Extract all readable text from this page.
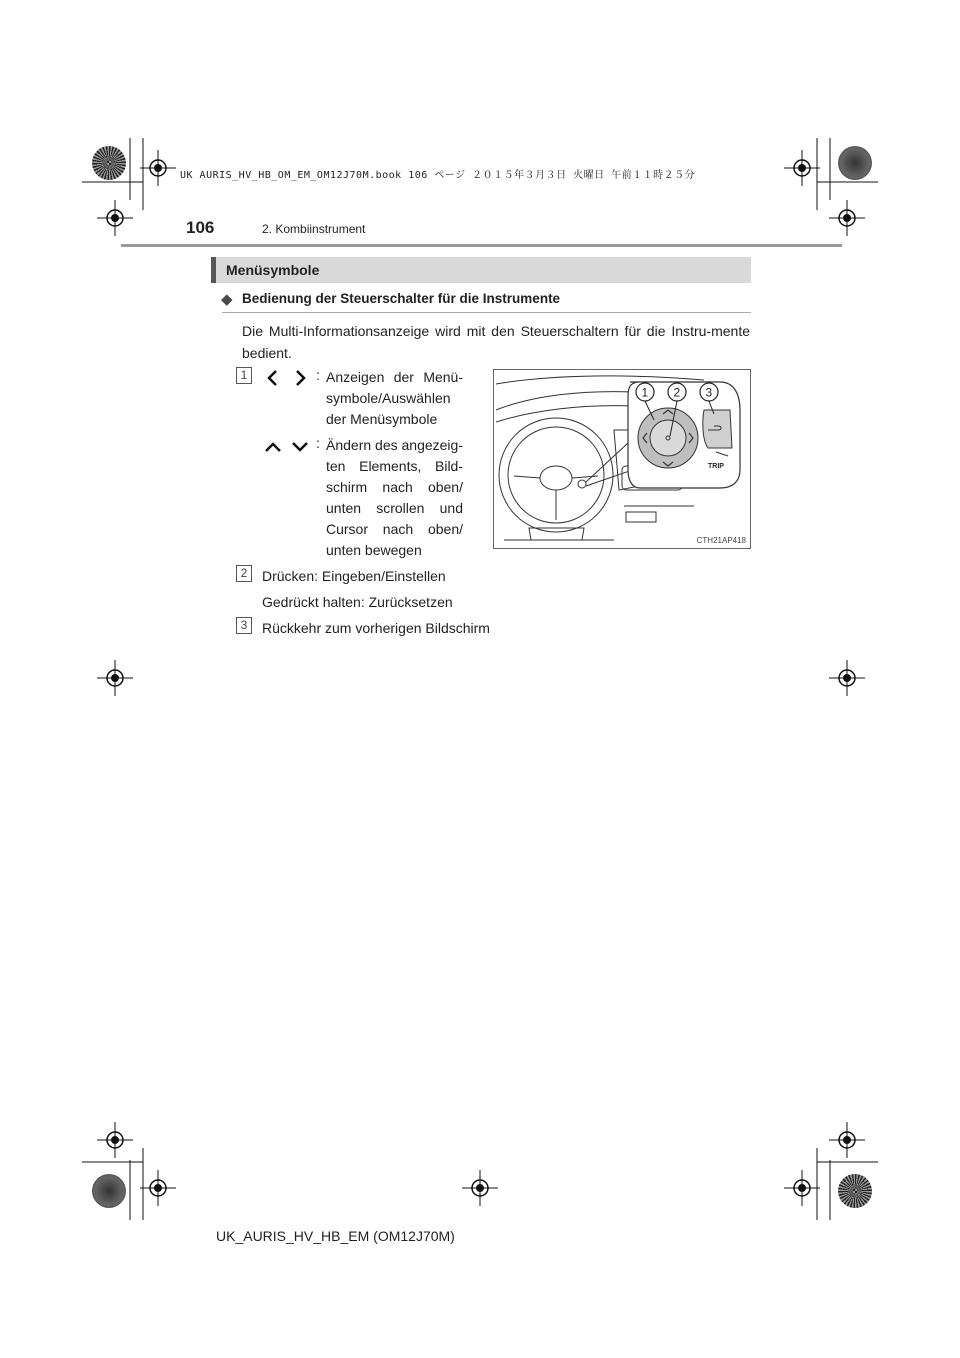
UK AURIS_HV_HB_OM_EM_OM12J70M.book 106 ページ ２０１５年３月３日 火曜日 午前１１時２５分
106	2. Kombiinstrument
Menüsymbole
◆ Bedienung der Steuerschalter für die Instrumente
Die Multi-Informationsanzeige wird mit den Steuerschaltern für die Instru-mente bedient.
1	: Anzeigen der Menü-symbole/Auswählen der Menüsymbole
: Ändern des angezeig-ten Elements, Bild-schirm nach oben/ unten scrollen und Cursor nach oben/ unten bewegen
2	Drücken: Eingeben/Einstellen
Gedrückt halten: Zurücksetzen
3	Rückkehr zum vorherigen Bildschirm
TRIP
1 2 3
CTH21AP418
UK_AURIS_HV_HB_EM (OM12J70M)
